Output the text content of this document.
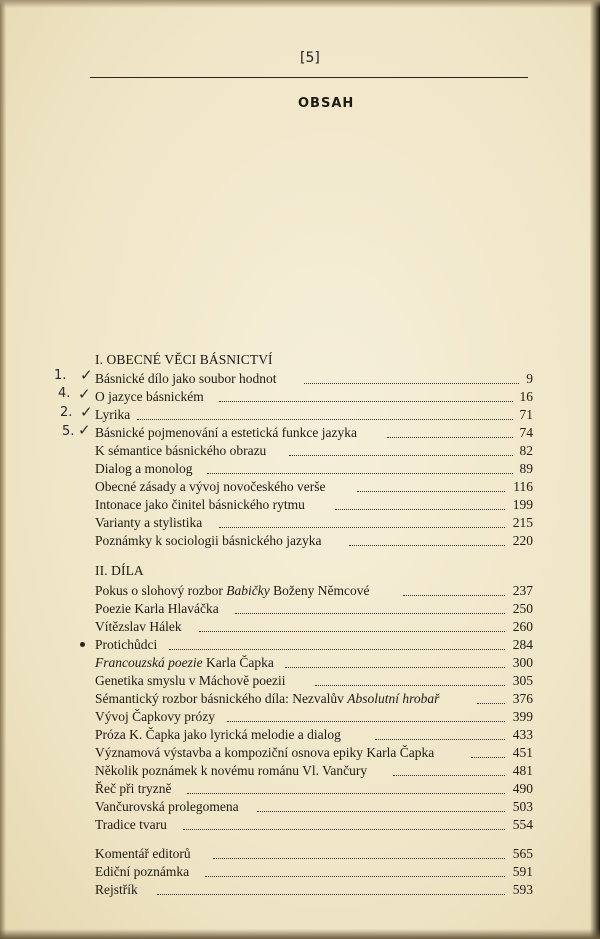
[5]
OBSAH
I. OBECNÉ VĚCI BÁSNICTVÍ
Básnické dílo jako soubor hodnot	9
O jazyce básnickém	16
Lyrika	71
Básnické pojmenování a estetická funkce jazyka	74
K sémantice básnického obrazu	82
Dialog a monolog	89
Obecné zásady a vývoj novočeského verše	116
Intonace jako činitel básnického rytmu	199
Varianty a stylistika	215
Poznámky k sociologii básnického jazyka	220
II. DÍLA
Pokus o slohový rozbor Babičky Boženy Němcové	237
Poezie Karla Hlaváčka	250
Vítězslav Hálek	260
Protichůdci	284
Francouzská poezie Karla Čapka	300
Genetika smyslu v Máchově poezii	305
Sémantický rozbor básnického díla: Nezvalův Absolutní hrobař	376
Vývoj Čapkovy prózy	399
Próza K. Čapka jako lyrická melodie a dialog	433
Významová výstavba a kompoziční osnova epiky Karla Čapka	451
Několik poznámek k novému románu Vl. Vančury	481
Řeč při tryzně	490
Vančurovská prolegomena	503
Tradice tvaru	554
Komentář editorů	565
Ediční poznámka	591
Rejstřík	593
1.
4.
2.
5.
✓
✓
✓
✓
